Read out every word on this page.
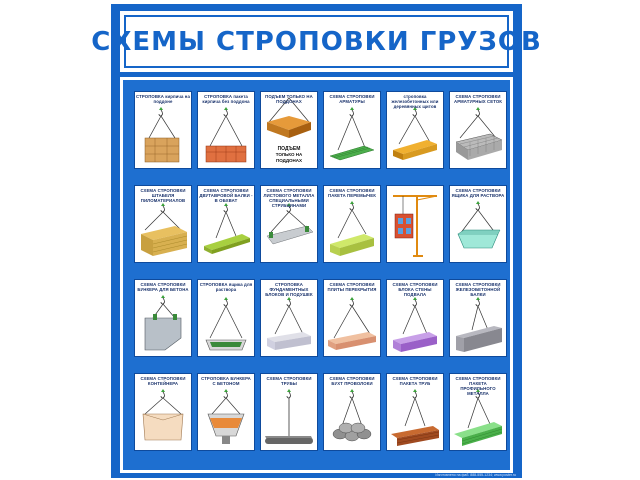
СХЕМЫ СТРОПОВКИ ГРУЗОВ
СТРОПОВКА кирпича на поддоне
СТРОПОВКА пакета кирпича без поддона
ПОДЪЕМ
ТОЛЬКО НА
ПОДДОНАХ
ПОДЪЕМ ТОЛЬКО НА ПОДДОНАХ
СХЕМА СТРОПОВКИ АРМАТУРЫ
стропoвка железобетонных или деревянных щитов
СХЕМА СТРОПОВКИ АРМАТУРНЫХ СЕТОК
СХЕМА СТРОПОВКИ ШТАБЕЛЯ ПИЛОМАТЕРИАЛОВ
СХЕМА СТРОПОВКИ ДВУТАВРОВОЙ БАЛКИ - В ОБХВАТ
СХЕМА СТРОПОВКИ ЛИСТОВОГО МЕТАЛЛА СПЕЦИАЛЬНЫМИ СТРУБЦИНАМИ
СХЕМА СТРОПОВКИ ПАКЕТА ПЕРЕМЫЧЕК
СХЕМА СТРОПОВКИ ЯЩИКА ДЛЯ РАСТВОРА
СХЕМА СТРОПОВКИ БУНКЕРА ДЛЯ БЕТОНА
СТРОПОВКА ящика для раствора
СТРОПОВКА ФУНДАМЕНТНЫХ БЛОКОВ И ПОДУШЕК
СХЕМА СТРОПОВКИ ПЛИТЫ ПЕРЕКРЫТИЯ
СХЕМА СТРОПОВКИ БЛОКА СТЕНЫ ПОДВАЛА
СХЕМА СТРОПОВКИ ЖЕЛЕЗОБЕТОННОЙ БАЛКИ
СХЕМА СТРОПОВКИ КОНТЕЙНЕРА
СТРОПОВКА БУНКЕРА С БЕТОНОМ
СХЕМА СТРОПОВКИ ТРУБЫ
СХЕМА СТРОПОВКИ БУХТ ПРОВОЛОКИ
СХЕМА СТРОПОВКИ ПАКЕТА ТРУБ
СХЕМА СТРОПОВКИ ПАКЕТА ПРОФИЛЬНОГО МЕТАЛЛА
Изготовлено на фаб. 888-555-1234; www.poster.ru
